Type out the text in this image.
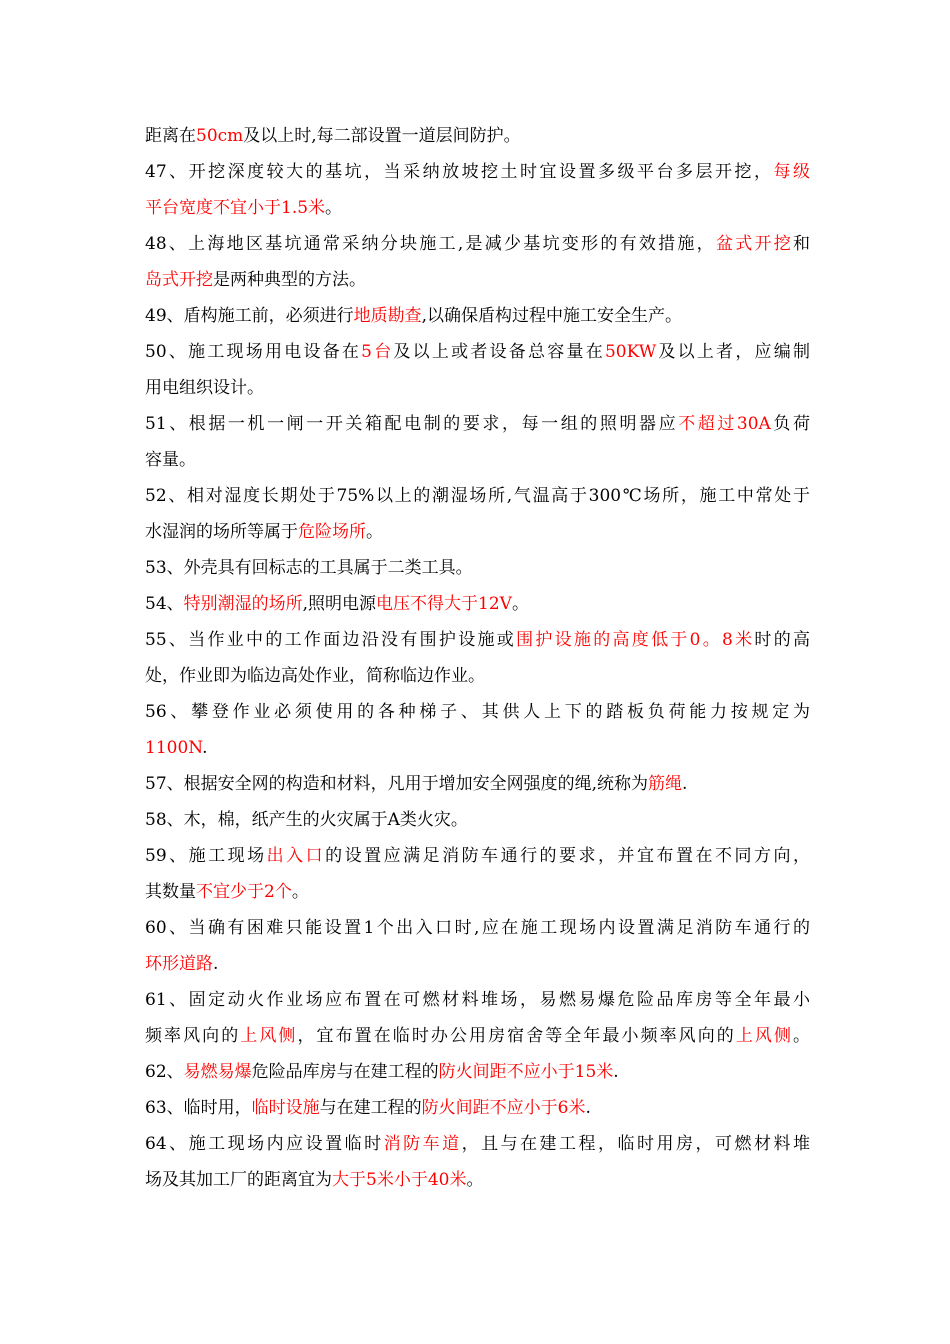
距离在50cm及以上时,每二部设置一道层间防护。
47、开挖深度较大的基坑，当采纳放坡挖土时宜设置多级平台多层开挖，每级
平台宽度不宜小于1.5米。
48、上海地区基坑通常采纳分块施工,是减少基坑变形的有效措施，盆式开挖和
岛式开挖是两种典型的方法。
49、盾构施工前，必须进行地质勘查,以确保盾构过程中施工安全生产。
50、施工现场用电设备在5台及以上或者设备总容量在50KW及以上者，应编制
用电组织设计。
51、根据一机一闸一开关箱配电制的要求，每一组的照明器应不超过30A负荷
容量。
52、相对湿度长期处于75%以上的潮湿场所,气温高于300℃场所，施工中常处于
水湿润的场所等属于危险场所。
53、外壳具有回标志的工具属于二类工具。
54、特别潮湿的场所,照明电源电压不得大于12V。
55、当作业中的工作面边沿没有围护设施或围护设施的高度低于0。8米时的高
处，作业即为临边高处作业，简称临边作业。
56、攀登作业必须使用的各种梯子、其供人上下的踏板负荷能力按规定为
1100N.
57、根据安全网的构造和材料，凡用于增加安全网强度的绳,统称为筋绳.
58、木，棉，纸产生的火灾属于A类火灾。
59、施工现场出入口的设置应满足消防车通行的要求，并宜布置在不同方向，
其数量不宜少于2个。
60、当确有困难只能设置1个出入口时,应在施工现场内设置满足消防车通行的
环形道路.
61、固定动火作业场应布置在可燃材料堆场，易燃易爆危险品库房等全年最小
频率风向的上风侧，宜布置在临时办公用房宿舍等全年最小频率风向的上风侧。
62、易燃易爆危险品库房与在建工程的防火间距不应小于15米.
63、临时用，临时设施与在建工程的防火间距不应小于6米.
64、施工现场内应设置临时消防车道，且与在建工程，临时用房，可燃材料堆
场及其加工厂的距离宜为大于5米小于40米。
